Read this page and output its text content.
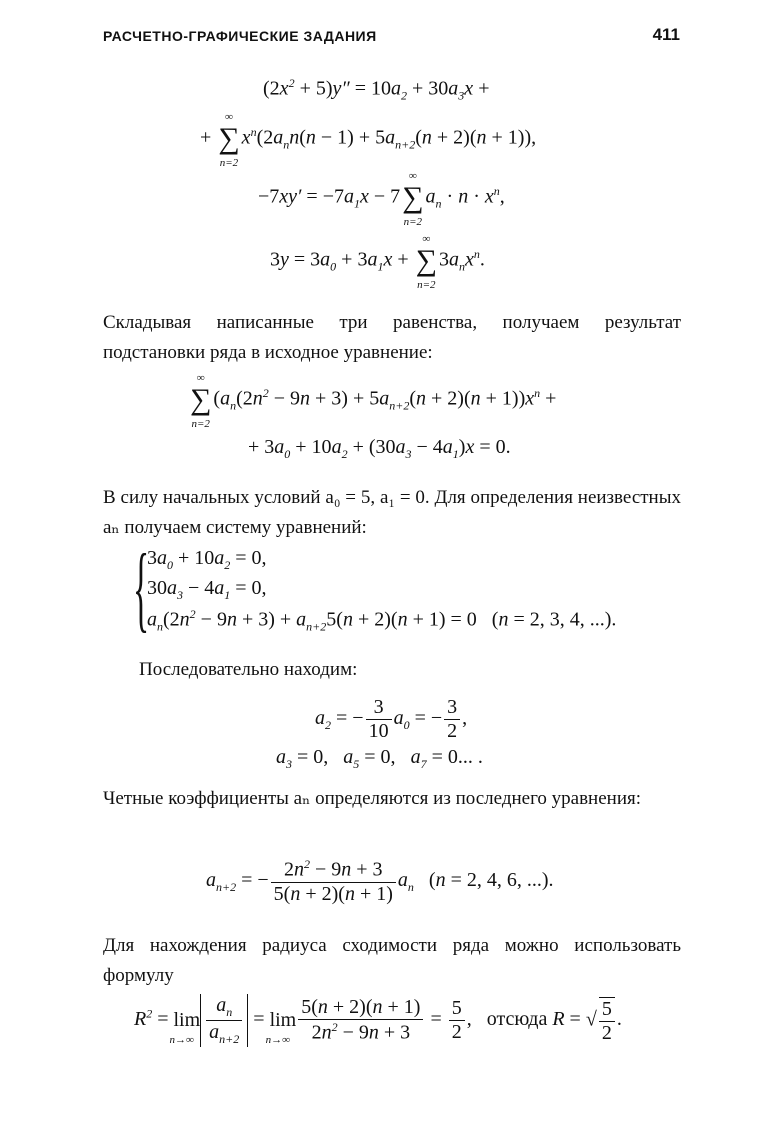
РАСЧЕТНО-ГРАФИЧЕСКИЕ ЗАДАНИЯ	411
$(2x^2 + 5)y'' = 10a_2 + 30a_3x$ +
+
∞
∑
n=2
$x^n(2a_nn(n - 1) + 5a_{n+2}(n + 2)(n + 1))$,
$-7xy' = -7a_1x - 7$
∞
∑
n=2
$a_n \cdot n \cdot x^n$,
$3y = 3a_0 + 3a_1x$ +
∞
∑
n=2
$3a_nx^n$.
Складывая написанные три равенства, получаем результат подстановки ряда в исходное уравнение:
∞
∑
n=2
$(a_n(2n^2 - 9n + 3) + 5a_{n+2}(n + 2)(n + 1))x^n$ +
+ $3a_0 + 10a_2 + (30a_3 - 4a_1)x = 0$.
В силу начальных условий a₀ = 5, a₁ = 0. Для определения неизвестных aₙ получаем систему уравнений:
{
$3a_0 + 10a_2 = 0$,
$30a_3 - 4a_1 = 0$,
$a_n(2n^2 - 9n + 3) + a_{n+2}5(n + 2)(n + 1) = 0$   (n = 2, 3, 4, ...).
Последовательно находим:
$a_2$ = − $\frac{3}{10} a_0$ = − $\frac{3}{2}$ ,
$a_3 = 0$,   $a_5 = 0$,   $a_7 = 0$... .
Четные коэффициенты aₙ определяются из последнего уравнения:
$a_{n+2}$ = − $\frac{2n^2 - 9n + 3}{5(n + 2)(n + 1)} a_n$   (n = 2, 4, 6, ...).
Для нахождения радиуса сходимости ряда можно использовать формулу
$R^2 = \lim$
$n\to\infty \frac{a_n}{a_{n+2}} = \lim$
$n\to\infty \frac{5(n + 2)(n + 1)}{2n^2 - 9n + 3} = \frac{5}{2}$ ,   отсюда R = √ $\frac{5}{2}$ .
